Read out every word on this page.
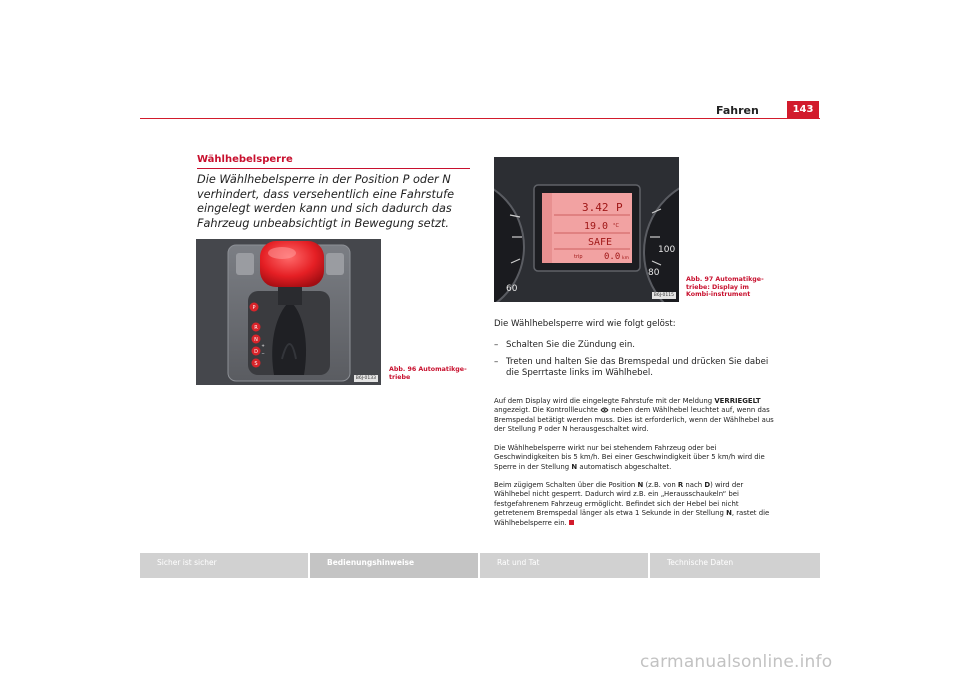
Fahren	143
Wählhebelsperre
Die Wählhebelsperre in der Position P oder N verhindert, dass versehentlich eine Fahrstufe eingelegt werden kann und sich dadurch das Fahrzeug unbeabsichtigt in Bewegung setzt.
P
R
N
D
+
−
S
B6J-0133
Abb. 96 Automatikge-triebe
3.42 P
19.0 °C
SAFE
trip 0.0 km
60
80
100
B6J-0115
Abb. 97 Automatikge-triebe: Display im Kombi-instrument
Die Wählhebelsperre wird wie folgt gelöst:
– Schalten Sie die Zündung ein.
– Treten und halten Sie das Bremspedal und drücken Sie dabei die Sperrtaste links im Wählhebel.

Auf dem Display wird die eingelegte Fahrstufe mit der Meldung VERRIEGELT angezeigt. Die Kontrollleuchte  neben dem Wählhebel leuchtet auf, wenn das Bremspedal betätigt werden muss. Dies ist erforderlich, wenn der Wählhebel aus der Stellung P oder N herausgeschaltet wird.

Die Wählhebelsperre wirkt nur bei stehendem Fahrzeug oder bei Geschwindigkeiten bis 5 km/h. Bei einer Geschwindigkeit über 5 km/h wird die Sperre in der Stellung N automatisch abgeschaltet.

Beim zügigem Schalten über die Position N (z.B. von R nach D) wird der Wählhebel nicht gesperrt. Dadurch wird z.B. ein „Herausschaukeln“ bei festgefahrenem Fahrzeug ermöglicht. Befindet sich der Hebel bei nicht getretenem Bremspedal länger als etwa 1 Sekunde in der Stellung N, rastet die Wählhebelsperre ein.

Sicher ist sicher	Bedienungshinweise	Rat und Tat	Technische Daten
carmanualsonline.info
